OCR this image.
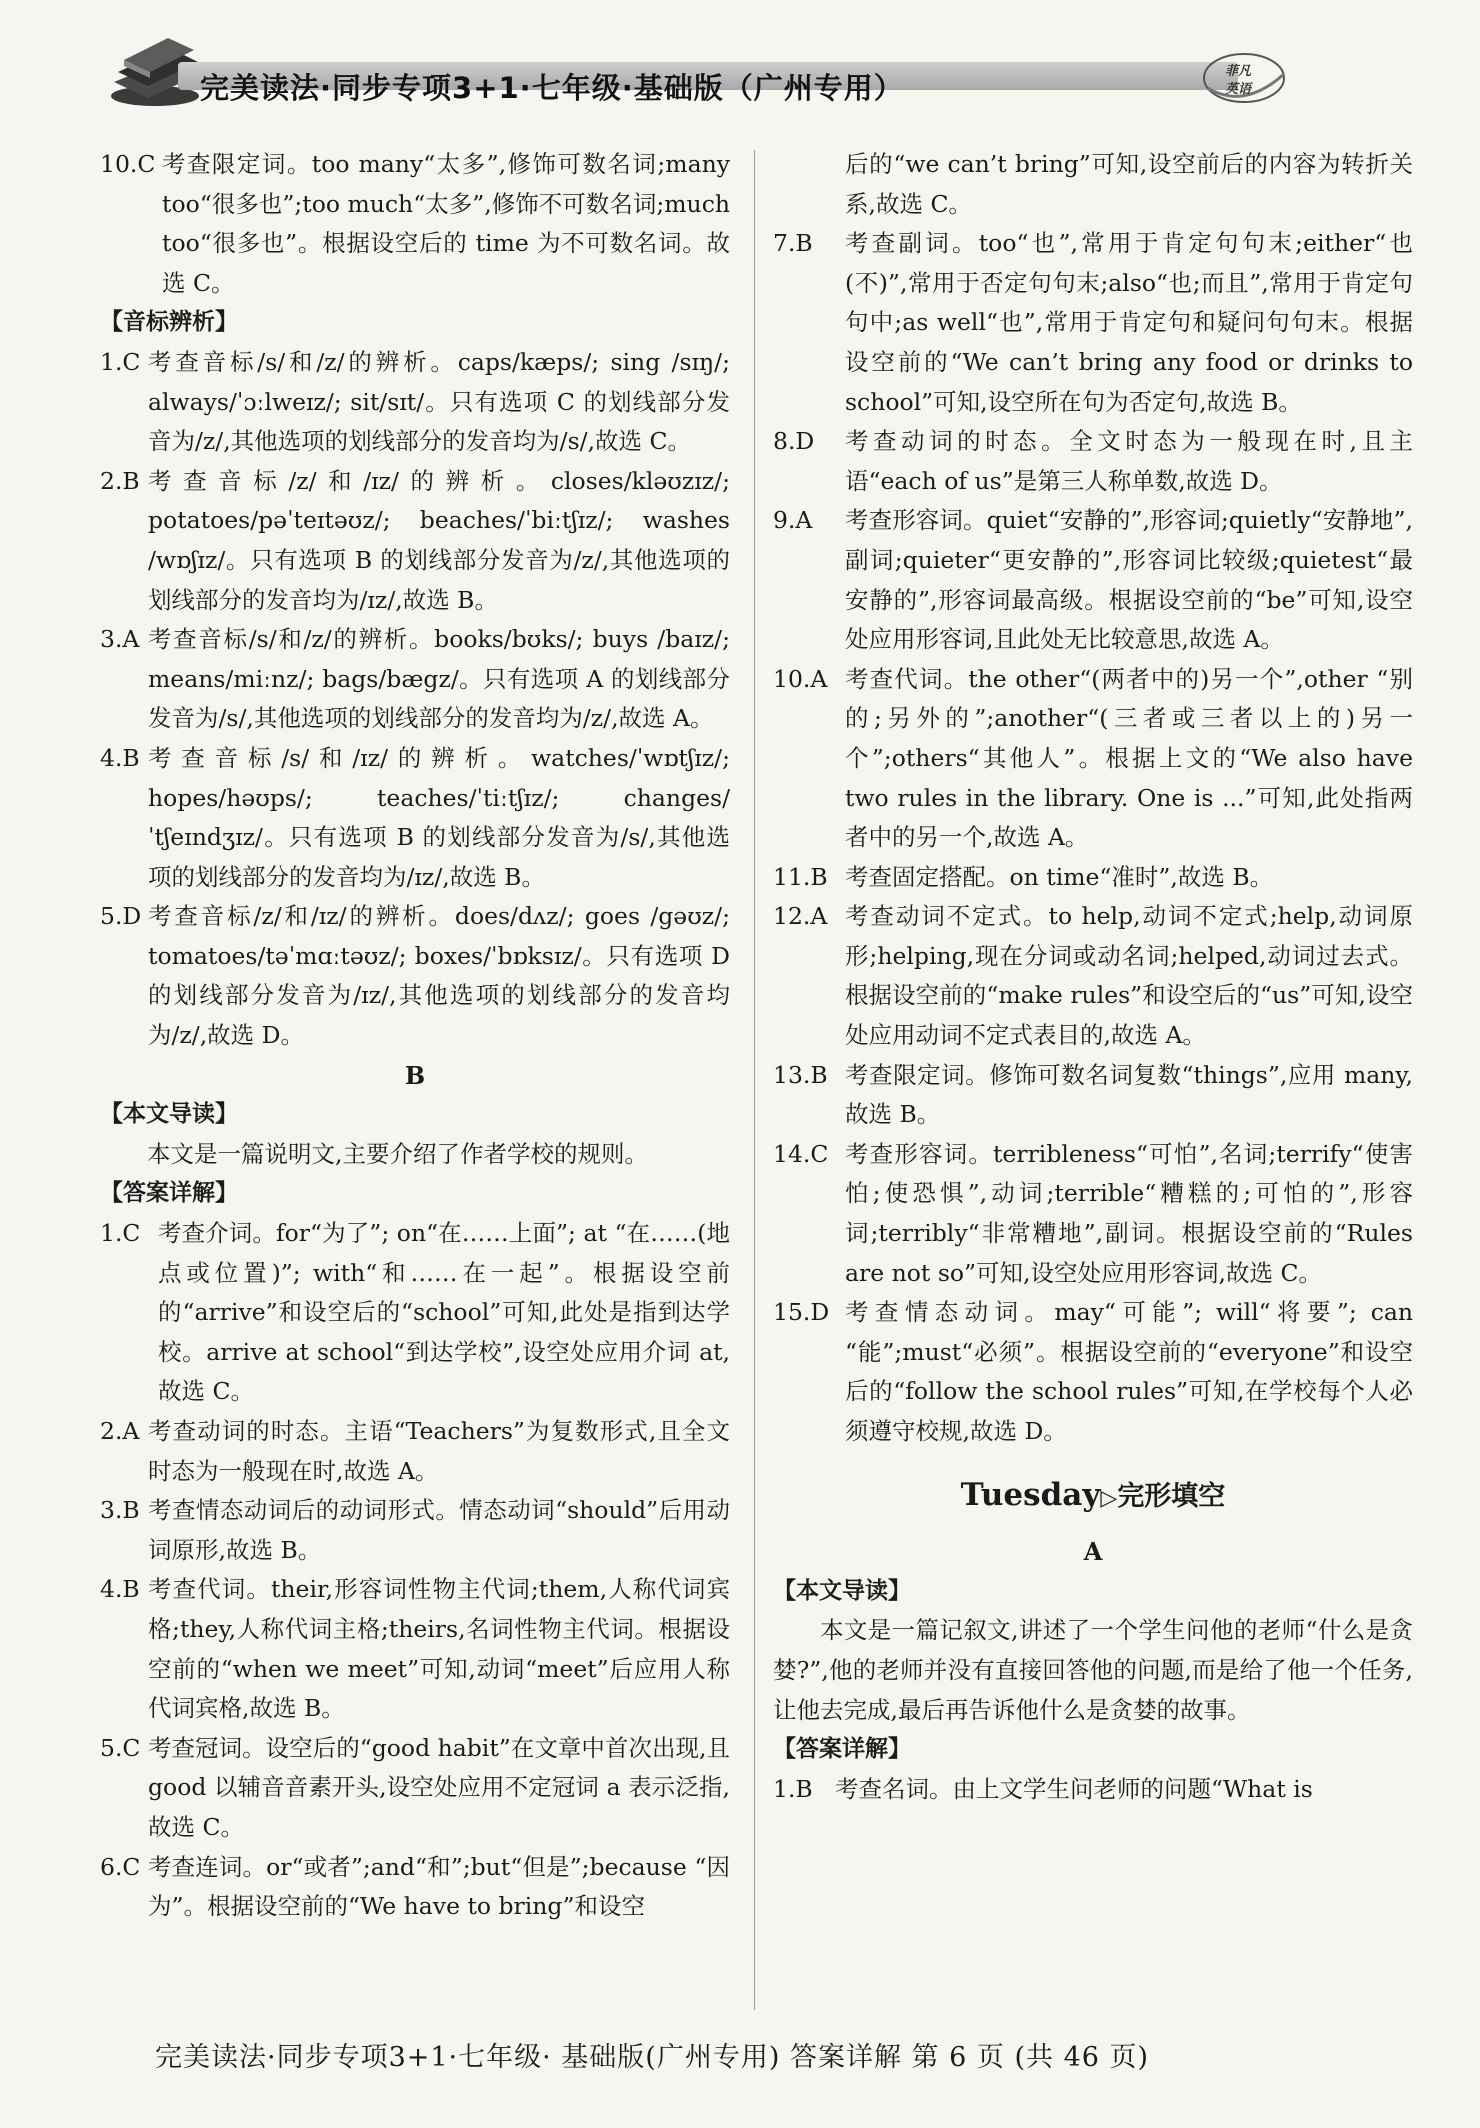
完美读法·同步专项3+1·七年级·基础版（广州专用）	菲凡
英语
10.C 考查限定词。too many“太多”,修饰可数名词;many too“很多也”;too much“太多”,修饰不可数名词;much too“很多也”。根据设空后的 time 为不可数名词。故选 C。
【音标辨析】
1.C 考查音标/s/和/z/的辨析。caps/kæps/; sing /sɪŋ/; always/ˈɔːlweɪz/; sit/sɪt/。只有选项 C 的划线部分发音为/z/,其他选项的划线部分的发音均为/s/,故选 C。
2.B 考查音标/z/和/ɪz/的辨析。closes/kləʊzɪz/; potatoes/pəˈteɪtəʊz/; beaches/ˈbiːtʃɪz/; washes /wɒʃɪz/。只有选项 B 的划线部分发音为/z/,其他选项的划线部分的发音均为/ɪz/,故选 B。
3.A 考查音标/s/和/z/的辨析。books/bʊks/; buys /baɪz/; means/miːnz/; bags/bægz/。只有选项 A 的划线部分发音为/s/,其他选项的划线部分的发音均为/z/,故选 A。
4.B 考查音标/s/和/ɪz/的辨析。watches/ˈwɒtʃɪz/; hopes/həʊps/; teaches/ˈtiːtʃɪz/; changes/ˈtʃeɪndʒɪz/。只有选项 B 的划线部分发音为/s/,其他选项的划线部分的发音均为/ɪz/,故选 B。
5.D 考查音标/z/和/ɪz/的辨析。does/dʌz/; goes /gəʊz/; tomatoes/təˈmɑːtəʊz/; boxes/ˈbɒksɪz/。只有选项 D 的划线部分发音为/ɪz/,其他选项的划线部分的发音均为/z/,故选 D。
B
【本文导读】
本文是一篇说明文,主要介绍了作者学校的规则。
【答案详解】
1.C 考查介词。for“为了”; on“在……上面”; at “在……(地点或位置)”; with“和……在一起”。根据设空前的“arrive”和设空后的“school”可知,此处是指到达学校。arrive at school“到达学校”,设空处应用介词 at,故选 C。
2.A 考查动词的时态。主语“Teachers”为复数形式,且全文时态为一般现在时,故选 A。
3.B 考查情态动词后的动词形式。情态动词“should”后用动词原形,故选 B。
4.B 考查代词。their,形容词性物主代词;them,人称代词宾格;they,人称代词主格;theirs,名词性物主代词。根据设空前的“when we meet”可知,动词“meet”后应用人称代词宾格,故选 B。
5.C 考查冠词。设空后的“good habit”在文章中首次出现,且 good 以辅音音素开头,设空处应用不定冠词 a 表示泛指,故选 C。
6.C 考查连词。or“或者”;and“和”;but“但是”;because “因为”。根据设空前的“We have to bring”和设空
后的“we can’t bring”可知,设空前后的内容为转折关系,故选 C。
7.B	考查副词。too“也”,常用于肯定句句末;either“也(不)”,常用于否定句句末;also“也;而且”,常用于肯定句句中;as well“也”,常用于肯定句和疑问句句末。根据设空前的“We can’t bring any food or drinks to school”可知,设空所在句为否定句,故选 B。
8.D	考查动词的时态。全文时态为一般现在时,且主语“each of us”是第三人称单数,故选 D。
9.A	考查形容词。quiet“安静的”,形容词;quietly“安静地”,副词;quieter“更安静的”,形容词比较级;quietest“最安静的”,形容词最高级。根据设空前的“be”可知,设空处应用形容词,且此处无比较意思,故选 A。
10.A 考查代词。the other“(两者中的)另一个”,other “别的;另外的”;another“(三者或三者以上的)另一个”;others“其他人”。根据上文的“We also have two rules in the library. One is ...”可知,此处指两者中的另一个,故选 A。
11.B 考查固定搭配。on time“准时”,故选 B。
12.A 考查动词不定式。to help,动词不定式;help,动词原形;helping,现在分词或动名词;helped,动词过去式。根据设空前的“make rules”和设空后的“us”可知,设空处应用动词不定式表目的,故选 A。
13.B 考查限定词。修饰可数名词复数“things”,应用 many,故选 B。
14.C 考查形容词。terribleness“可怕”,名词;terrify“使害怕;使恐惧”,动词;terrible“糟糕的;可怕的”,形容词;terribly“非常糟地”,副词。根据设空前的“Rules are not so”可知,设空处应用形容词,故选 C。
15.D 考查情态动词。may“可能”; will“将要”; can “能”;must“必须”。根据设空前的“everyone”和设空后的“follow the school rules”可知,在学校每个人必须遵守校规,故选 D。
Tuesday▷完形填空
A
【本文导读】
本文是一篇记叙文,讲述了一个学生问他的老师“什么是贪婪?”,他的老师并没有直接回答他的问题,而是给了他一个任务,让他去完成,最后再告诉他什么是贪婪的故事。
【答案详解】
1.B 考查名词。由上文学生问老师的问题“What is
完美读法·同步专项3+1·七年级· 基础版(广州专用) 答案详解 第 6 页 (共 46 页)
